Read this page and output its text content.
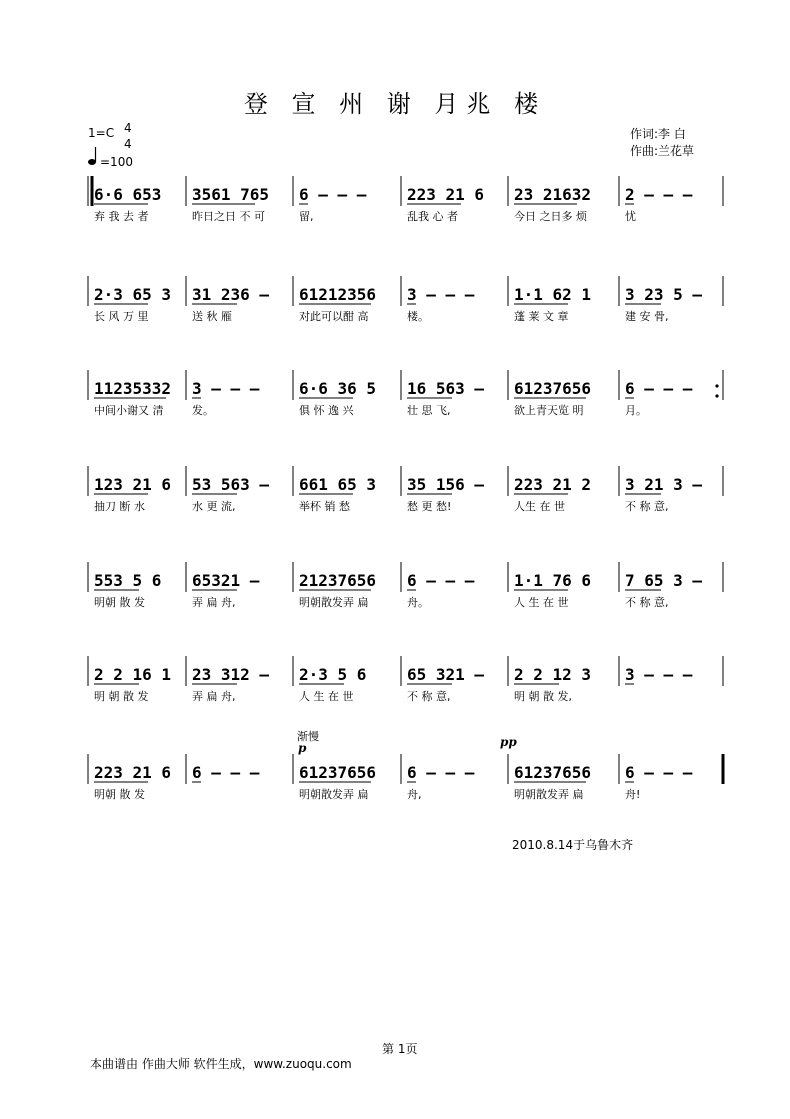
登 宣 州 谢 月兆 楼
1=C 4
4
=100
作词:李 白
作曲:兰花草
6·6 653
弃 我 去 者
3561 765
昨日之日 不 可
6 – – –
留,
223 21 6
乱我 心 者
23 21632
今日 之日多 烦
2 – – –
忧
2·3 65 3
长 风 万 里
31 236 –
送 秋 雁
61212356
对此可以酣 高
3 – – –
楼。
1·1 62 1
蓬 莱 文 章
3 23 5 –
建 安 骨,
11235332
中间小谢又 清
3 – – –
发。
6·6 36 5
俱 怀 逸 兴
16 563 –
壮 思 飞,
61237656
欲上青天览 明
6 – – –
月。
123 21 6
抽刀 断 水
53 563 –
水 更 流,
661 65 3
举杯 销 愁
35 156 –
愁 更 愁!
223 21 2
人生 在 世
3 21 3 –
不 称 意,
553 5 6
明朝 散 发
65321 –
弄 扁 舟,
21237656
明朝散发弄 扁
6 – – –
舟。
1·1 76 6
人 生 在 世
7 65 3 –
不 称 意,
2 2 16 1
明 朝 散 发
23 312 –
弄 扁 舟,
2·3 5 6
人 生 在 世
65 321 –
不 称 意,
2 2 12 3
明 朝 散 发,
3 – – –
223 21 6
明朝 散 发
6 – – – 61237656
明朝散发弄 扁
6 – – –
舟,
61237656
明朝散发弄 扁
6 – – –
舟!
渐慢
p	pp
2010.8.14于乌鲁木齐
第 1页
本曲谱由 作曲大师 软件生成，www.zuoqu.com
